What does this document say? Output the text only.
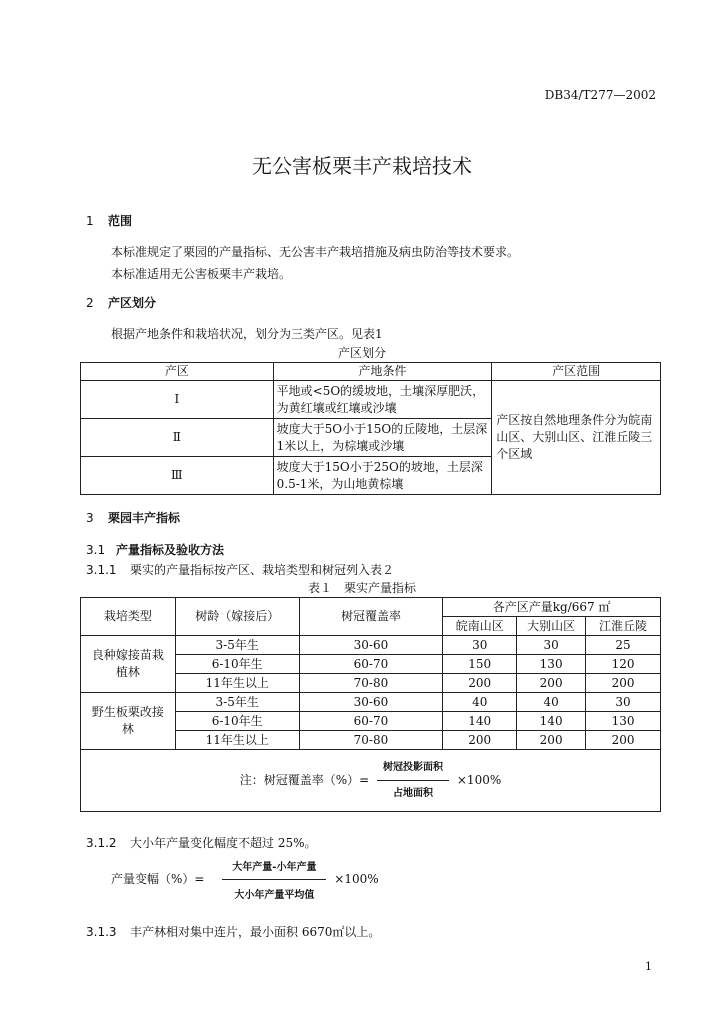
DB34/T277—2002
无公害板栗丰产栽培技术
1 范围
本标准规定了栗园的产量指标、无公害丰产栽培措施及病虫防治等技术要求。
本标准适用无公害板栗丰产栽培。
2 产区划分
根据产地条件和栽培状况，划分为三类产区。见表1
产区划分
产区	产地条件	产区范围
Ⅰ	平地或<5O的缓坡地，土壤深厚肥沃，为黄红壤或红壤或沙壤	产区按自然地理条件分为皖南山区、大别山区、江淮丘陵三个区域
Ⅱ	坡度大于5O小于15O的丘陵地，土层深1米以上，为棕壤或沙壤	
Ⅲ	坡度大于15O小于25O的坡地，土层深0.5-1米，为山地黄棕壤	
3 栗园丰产指标
3.1 产量指标及验收方法
3.1.1 栗实的产量指标按产区、栽培类型和树冠列入表２
表１　栗实产量指标
栽培类型	树龄（嫁接后）	树冠覆盖率	各产区产量kg/667 ㎡		
			皖南山区	大别山区	江淮丘陵
良种嫁接苗栽植林	3-5年生	30-60	30	30	25
	6-10年生	60-70	150	130	120
	11年生以上	70-80	200	200	200
野生板栗改接林	3-5年生	30-60	40	40	30
	6-10年生	60-70	140	140	130
	11年生以上	70-80	200	200	200
注：树冠覆盖率（%）= $\frac{\text{树冠投影面积}}{\text{占地面积}} \times 100\%$					
3.1.2 大小年产量变化幅度不超过 25%。
产量变幅（%）= $\frac{\text{大年产量-小年产量}}{\text{大小年产量平均值}} \times 100\%$
3.1.3 丰产林相对集中连片，最小面积 6670㎡以上。
1
